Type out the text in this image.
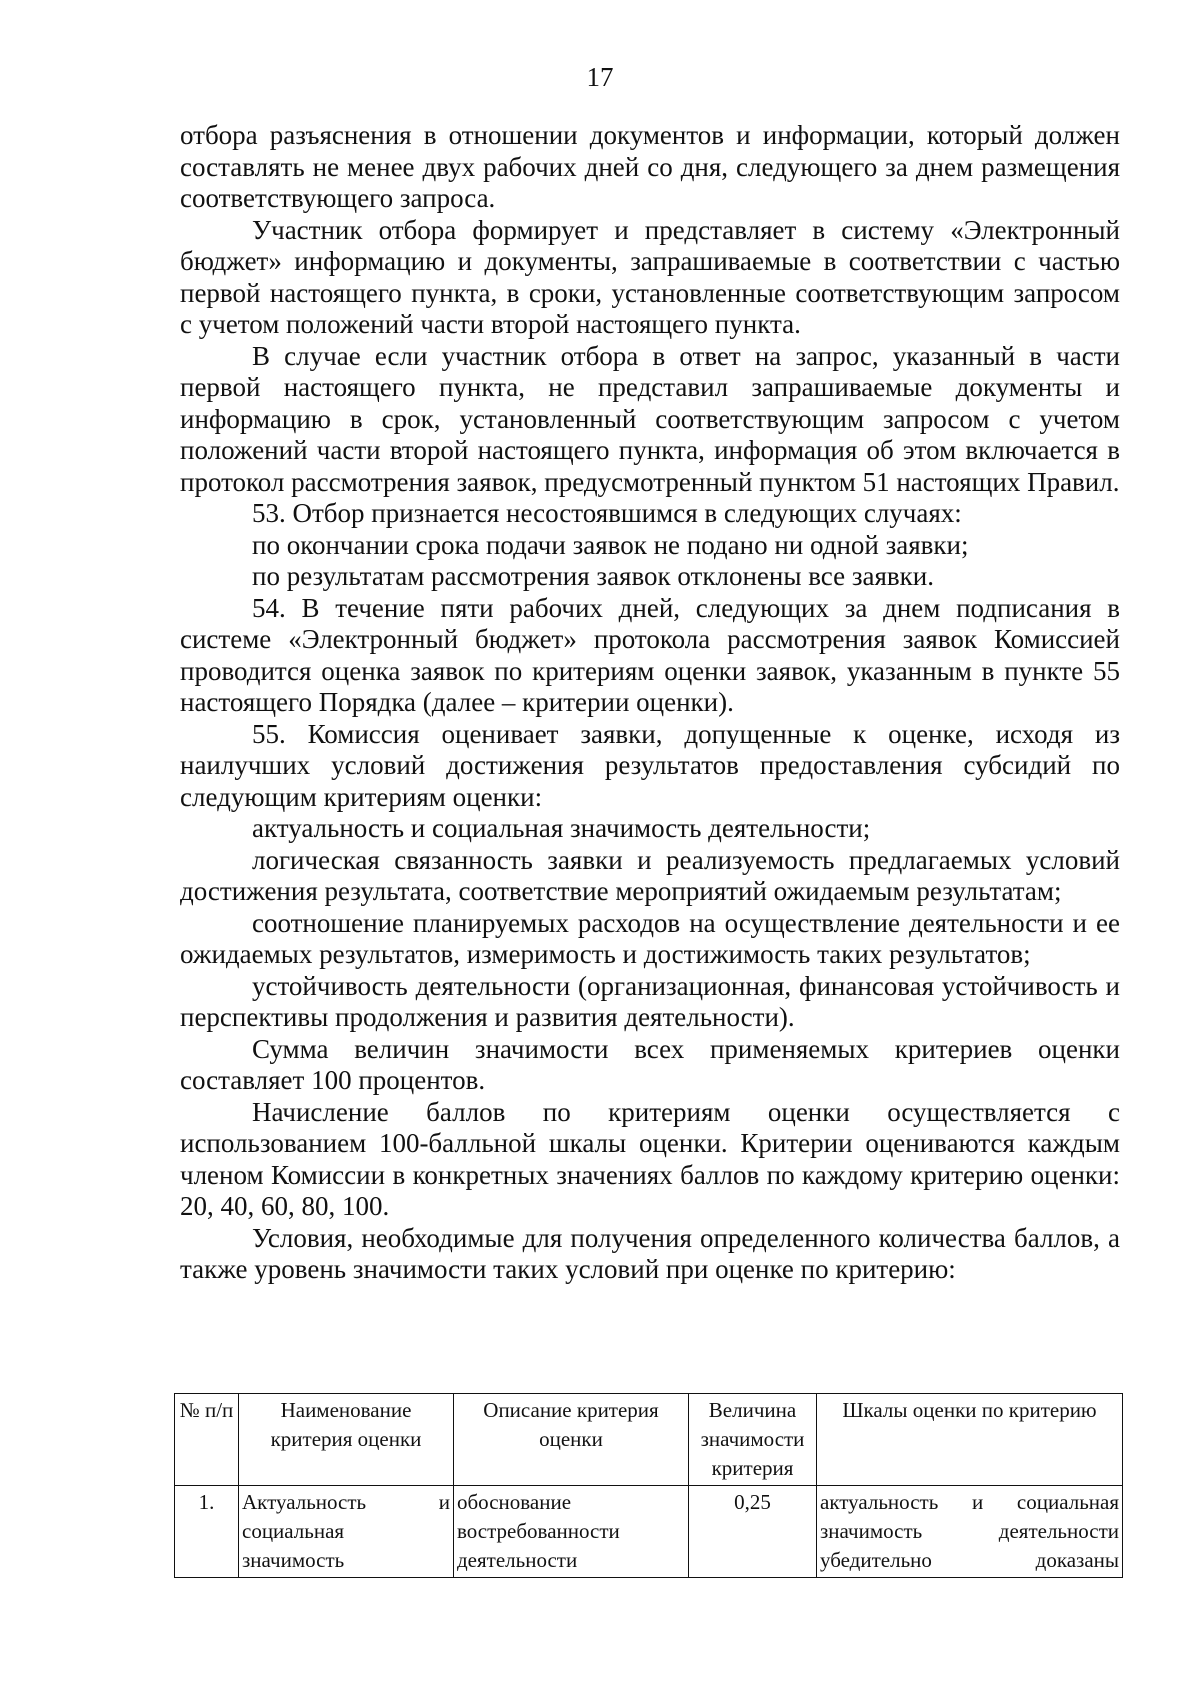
17

отбора разъяснения в отношении документов и информации, который должен составлять не менее двух рабочих дней со дня, следующего за днем размещения соответствующего запроса.

Участник отбора формирует и представляет в систему «Электронный бюджет» информацию и документы, запрашиваемые в соответствии с частью первой настоящего пункта, в сроки, установленные соответствующим запросом с учетом положений части второй настоящего пункта.

В случае если участник отбора в ответ на запрос, указанный в части первой настоящего пункта, не представил запрашиваемые документы и информацию в срок, установленный соответствующим запросом с учетом положений части второй настоящего пункта, информация об этом включается в протокол рассмотрения заявок, предусмотренный пунктом 51 настоящих Правил.

53. Отбор признается несостоявшимся в следующих случаях:

по окончании срока подачи заявок не подано ни одной заявки;

по результатам рассмотрения заявок отклонены все заявки.

54. В течение пяти рабочих дней, следующих за днем подписания в системе «Электронный бюджет» протокола рассмотрения заявок Комиссией проводится оценка заявок по критериям оценки заявок, указанным в пункте 55 настоящего Порядка (далее – критерии оценки).

55. Комиссия оценивает заявки, допущенные к оценке, исходя из наилучших условий достижения результатов предоставления субсидий по следующим критериям оценки:

актуальность и социальная значимость деятельности;

логическая связанность заявки и реализуемость предлагаемых условий достижения результата, соответствие мероприятий ожидаемым результатам;

соотношение планируемых расходов на осуществление деятельности и ее ожидаемых результатов, измеримость и достижимость таких результатов;

устойчивость деятельности (организационная, финансовая устойчивость и перспективы продолжения и развития деятельности).

Сумма величин значимости всех применяемых критериев оценки составляет 100 процентов.

Начисление баллов по критериям оценки осуществляется с использованием 100-балльной шкалы оценки. Критерии оцениваются каждым членом Комиссии в конкретных значениях баллов по каждому критерию оценки: 20, 40, 60, 80, 100.

Условия, необходимые для получения определенного количества баллов, а также уровень значимости таких условий при оценке по критерию:

№ п/п	Наименование критерия оценки	Описание критерия оценки	Величина значимости критерия	Шкалы оценки по критерию
1.	Актуальность и социальная значимость	обоснование востребованности деятельности	0,25	актуальность и социальная значимость деятельности убедительно доказаны
